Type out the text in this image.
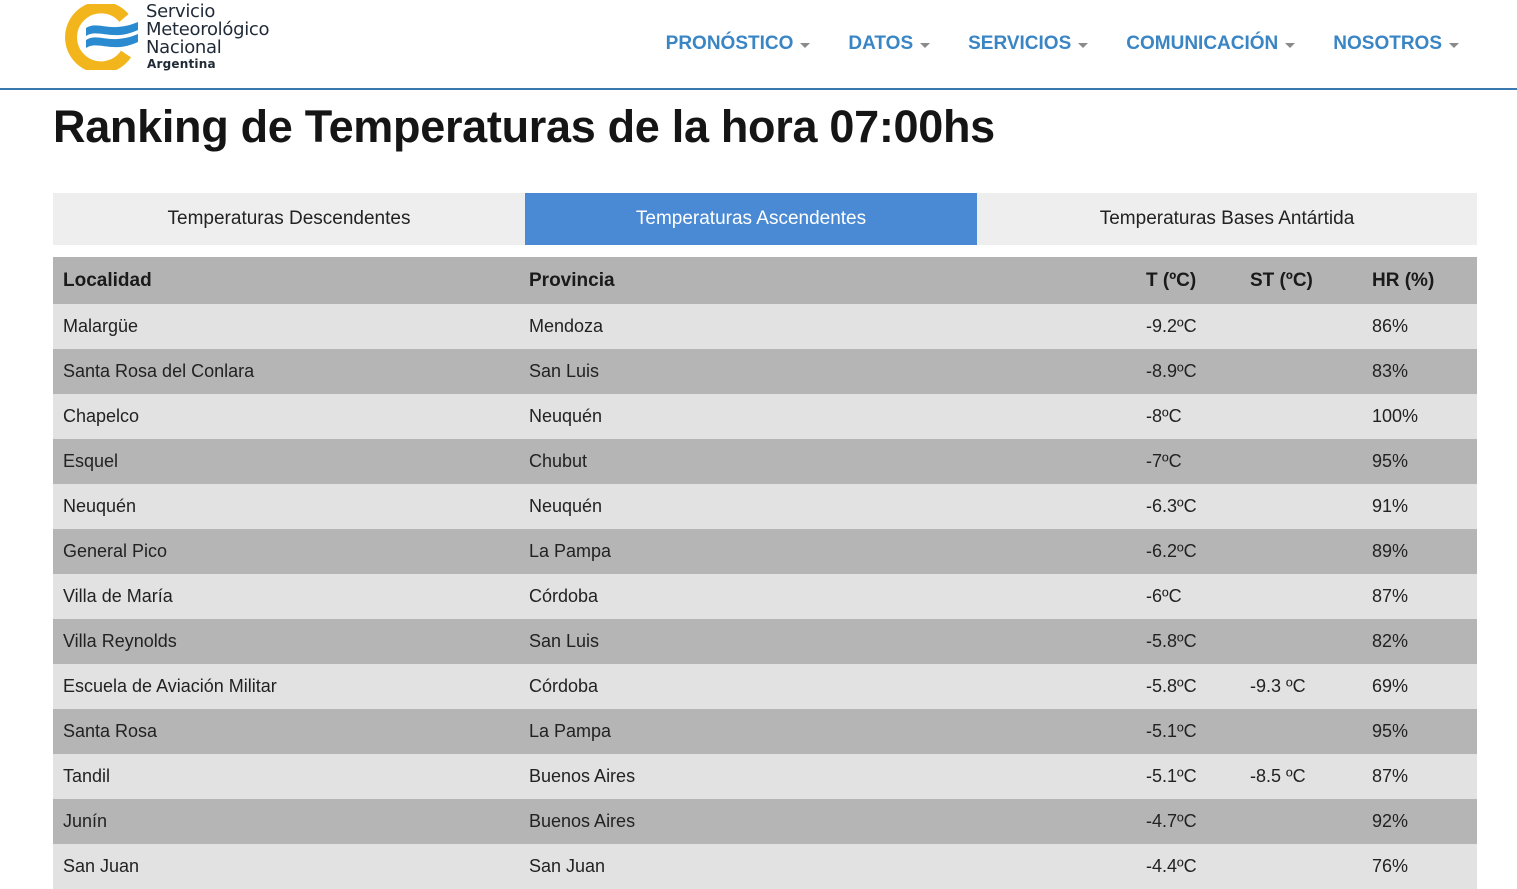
Servicio
Meteorológico
Nacional
Argentina
PRONÓSTICO	DATOS	SERVICIOS	COMUNICACIÓN	NOSOTROS
Ranking de Temperaturas de la hora 07:00hs
Temperaturas Descendentes	Temperaturas Ascendentes	Temperaturas Bases Antártida
Localidad	Provincia	T (ºC)	ST (ºC)	HR (%)
Malargüe	Mendoza	-9.2ºC		86%
Santa Rosa del Conlara	San Luis	-8.9ºC		83%
Chapelco	Neuquén	-8ºC		100%
Esquel	Chubut	-7ºC		95%
Neuquén	Neuquén	-6.3ºC		91%
General Pico	La Pampa	-6.2ºC		89%
Villa de María	Córdoba	-6ºC		87%
Villa Reynolds	San Luis	-5.8ºC		82%
Escuela de Aviación Militar	Córdoba	-5.8ºC	-9.3 ºC	69%
Santa Rosa	La Pampa	-5.1ºC		95%
Tandil	Buenos Aires	-5.1ºC	-8.5 ºC	87%
Junín	Buenos Aires	-4.7ºC		92%
San Juan	San Juan	-4.4ºC		76%
